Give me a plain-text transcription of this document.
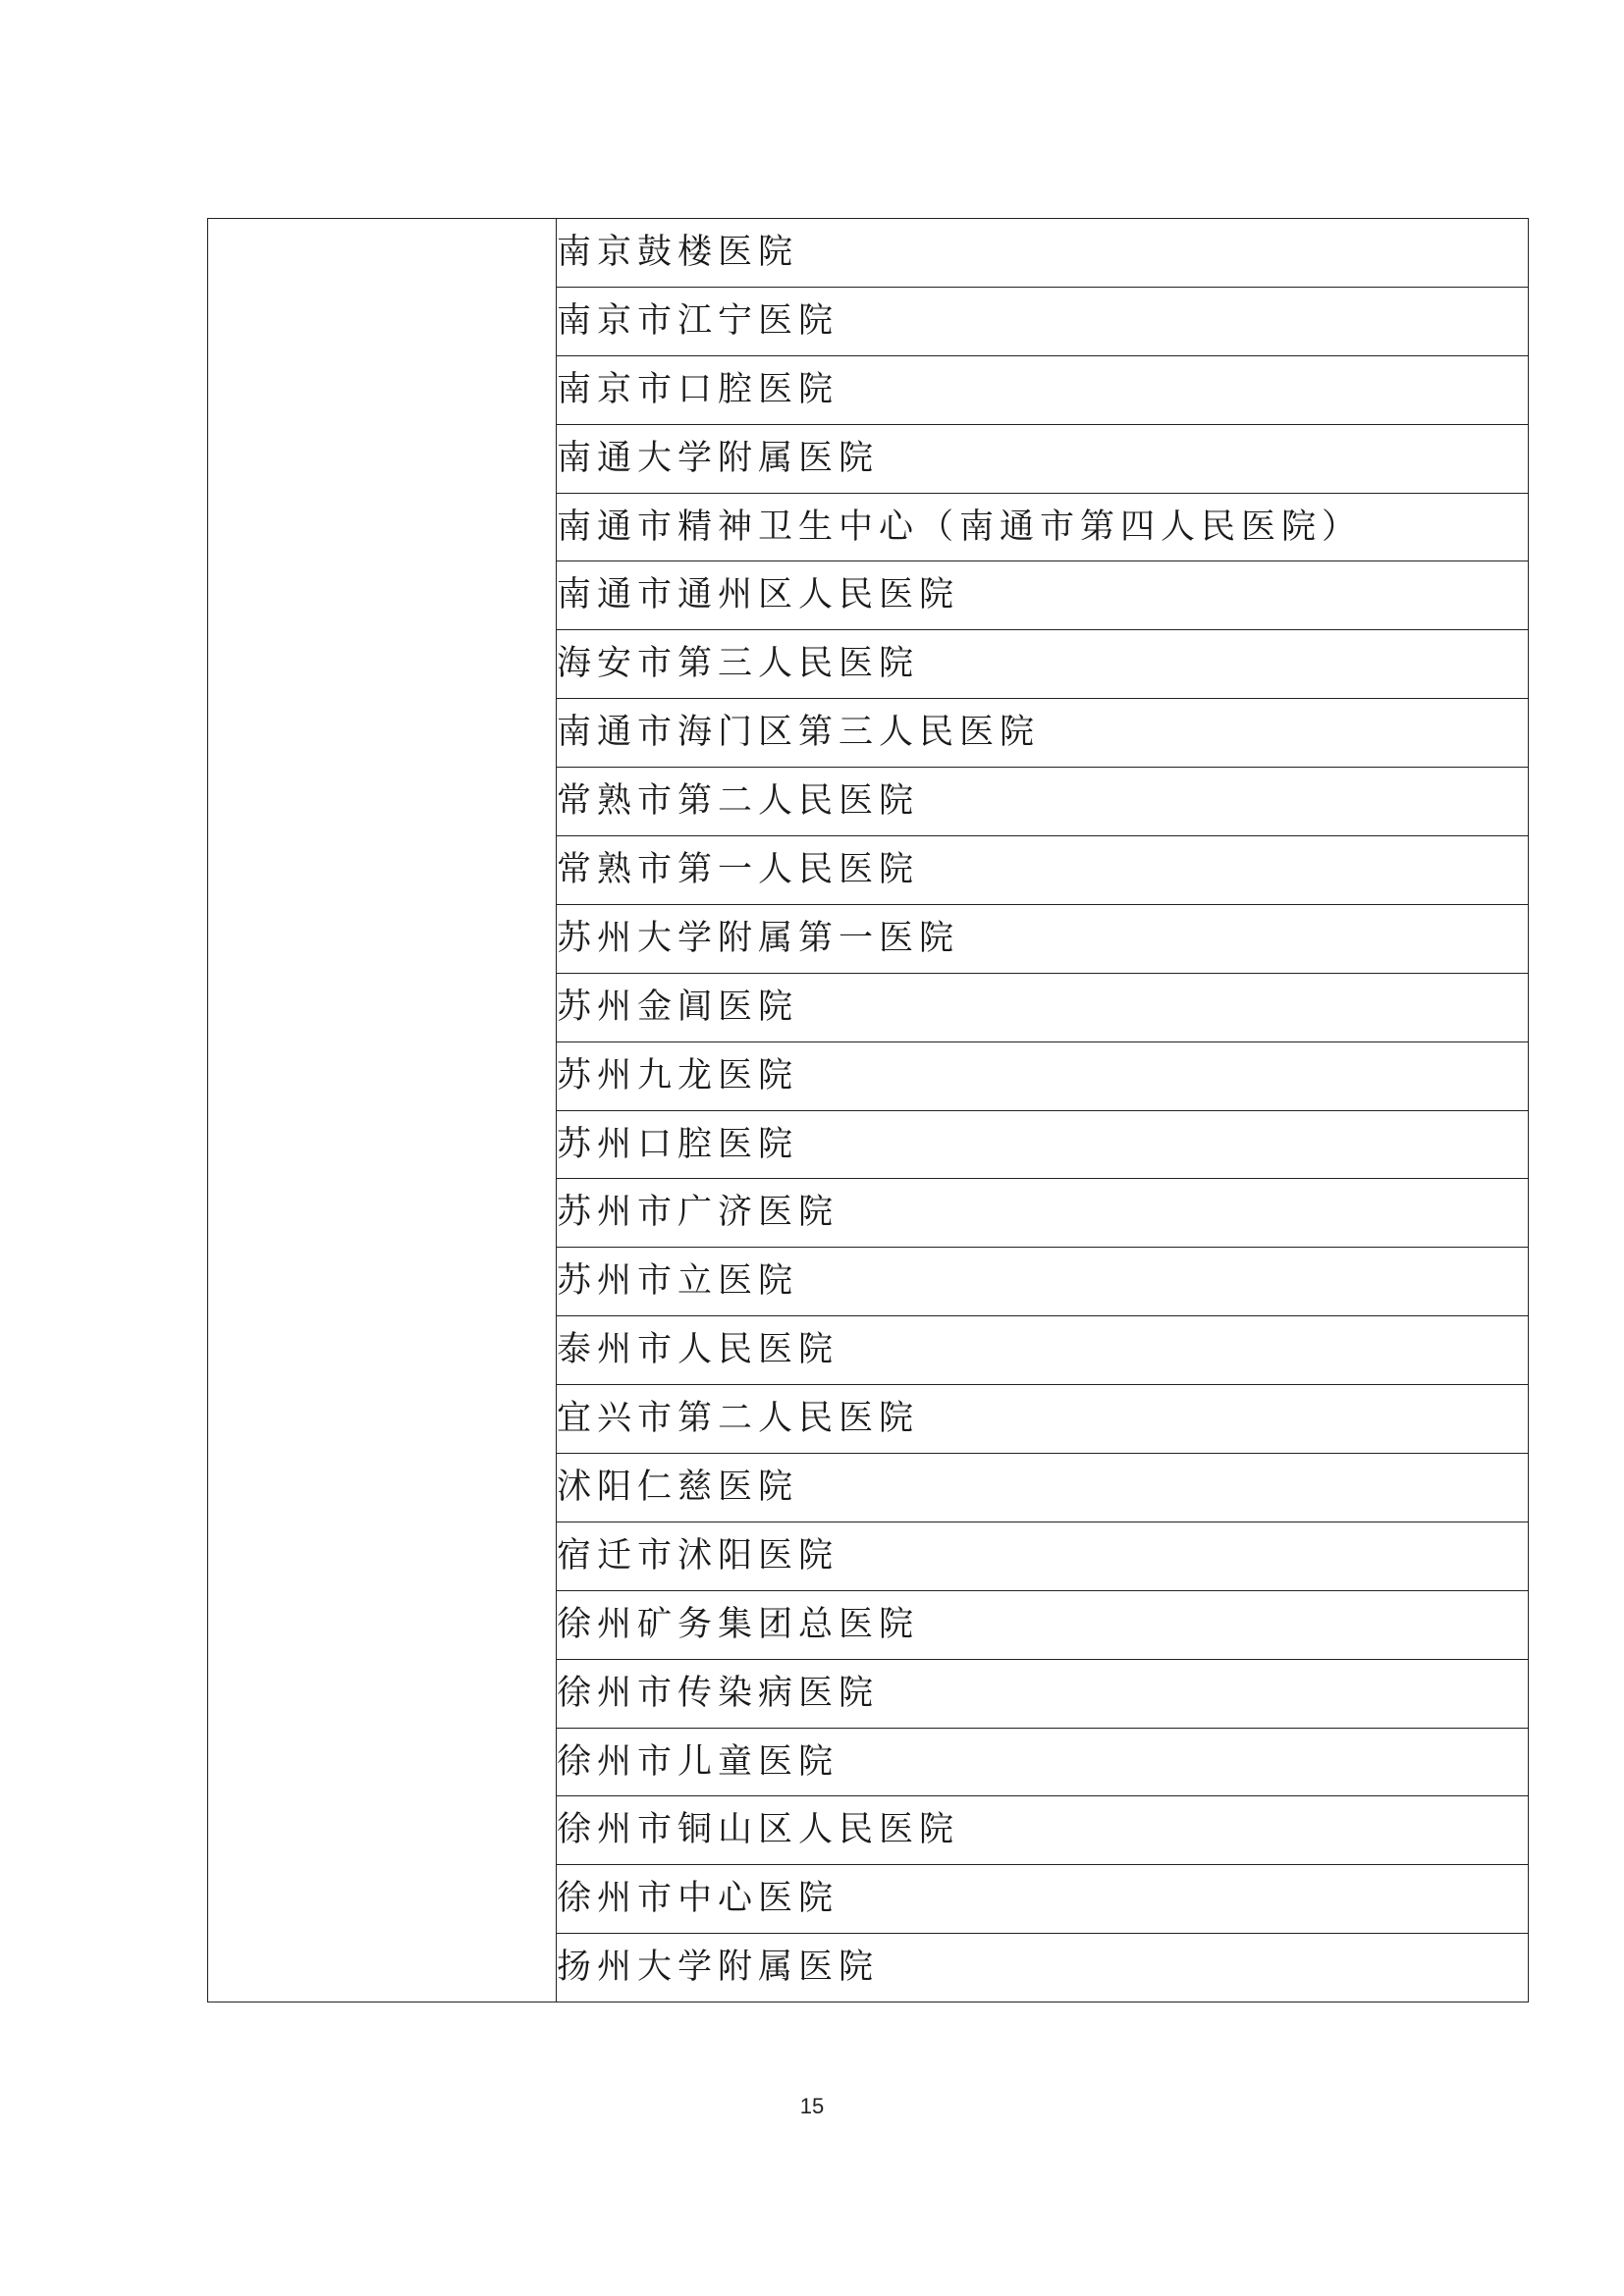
	南京鼓楼医院
南京市江宁医院
南京市口腔医院
南通大学附属医院
南通市精神卫生中心（南通市第四人民医院）
南通市通州区人民医院
海安市第三人民医院
南通市海门区第三人民医院
常熟市第二人民医院
常熟市第一人民医院
苏州大学附属第一医院
苏州金阊医院
苏州九龙医院
苏州口腔医院
苏州市广济医院
苏州市立医院
泰州市人民医院
宜兴市第二人民医院
沭阳仁慈医院
宿迁市沭阳医院
徐州矿务集团总医院
徐州市传染病医院
徐州市儿童医院
徐州市铜山区人民医院
徐州市中心医院
扬州大学附属医院
15
